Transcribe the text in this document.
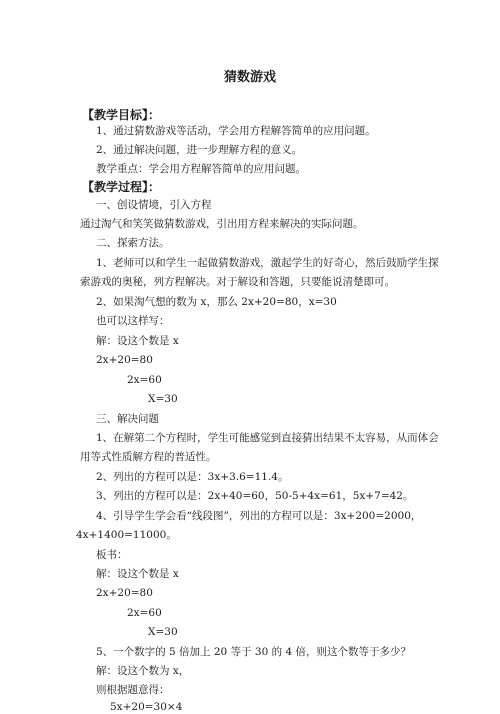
猜数游戏
【教学目标】：
1、通过猜数游戏等活动，学会用方程解答简单的应用问题。
2、通过解决问题，进一步理解方程的意义。
教学重点：学会用方程解答简单的应用问题。
【教学过程】：
一、创设情境，引入方程
通过淘气和笑笑做猜数游戏，引出用方程来解决的实际问题。
二、探索方法。
1、老师可以和学生一起做猜数游戏，激起学生的好奇心，然后鼓励学生探
索游戏的奥秘，列方程解决。对于解设和答题，只要能说清楚即可。
2、如果淘气想的数为 x，那么 2x+20=80，x=30
也可以这样写：
解：设这个数是 x
2x+20=80
2x=60
X=30
三、解决问题
1、在解第二个方程时，学生可能感觉到直接猜出结果不太容易，从而体会
用等式性质解方程的普适性。
2、列出的方程可以是：3x+3.6=11.4。
3、列出的方程可以是：2x+40=60，50-5+4x=61，5x+7=42。
4、引导学生学会看“线段图”，列出的方程可以是：3x+200=2000，
4x+1400=11000。
板书：
解：设这个数是 x
2x+20=80
2x=60
X=30
5、一个数字的 5 倍加上 20 等于 30 的 4 倍，则这个数等于多少？
解：设这个数为 x，
则根据题意得：
5x+20=30×4
